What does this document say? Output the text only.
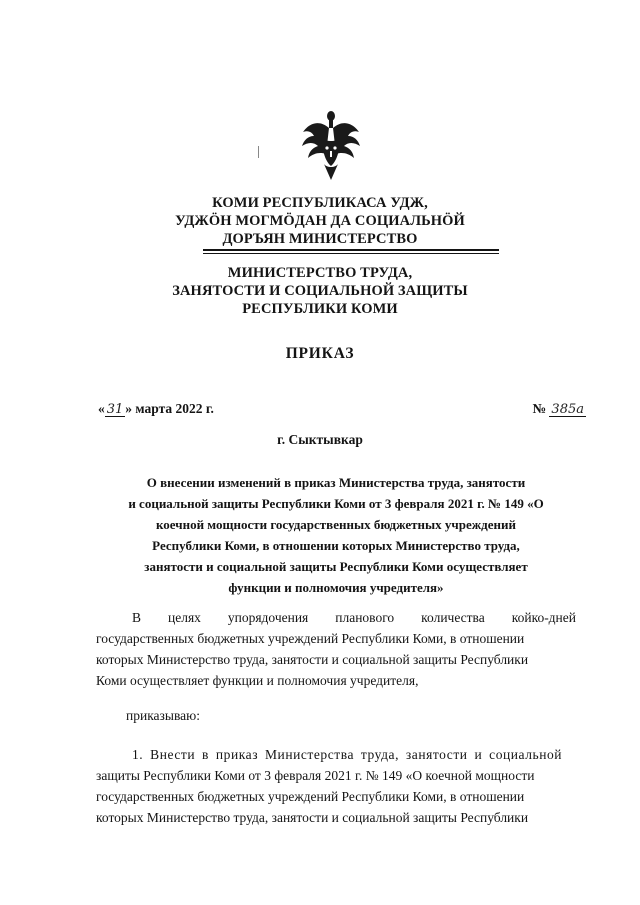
КОМИ РЕСПУБЛИКАСА УДЖ,
УДЖӦН МОГМӦДАН ДА СОЦИАЛЬНӦЙ
ДОРЪЯН МИНИСТЕРСТВО
МИНИСТЕРСТВО ТРУДА,
ЗАНЯТОСТИ И СОЦИАЛЬНОЙ ЗАЩИТЫ
РЕСПУБЛИКИ КОМИ
ПРИКАЗ
« 31 » марта 2022 г.	№ 385а
г. Сыктывкар
О внесении изменений в приказ Министерства труда, занятости
и социальной защиты Республики Коми от 3 февраля 2021 г. № 149 «О
коечной мощности государственных бюджетных учреждений
Республики Коми, в отношении которых Министерство труда,
занятости и социальной защиты Республики Коми осуществляет
функции и полномочия учредителя»
В целях упорядочения планового количества койко-дней
государственных бюджетных учреждений Республики Коми, в отношении
которых Министерство труда, занятости и социальной защиты Республики
Коми осуществляет функции и полномочия учредителя,
приказываю:
1. Внести в приказ Министерства труда, занятости и социальной
защиты Республики Коми от 3 февраля 2021 г. № 149 «О коечной мощности
государственных бюджетных учреждений Республики Коми, в отношении
которых Министерство труда, занятости и социальной защиты Республики
